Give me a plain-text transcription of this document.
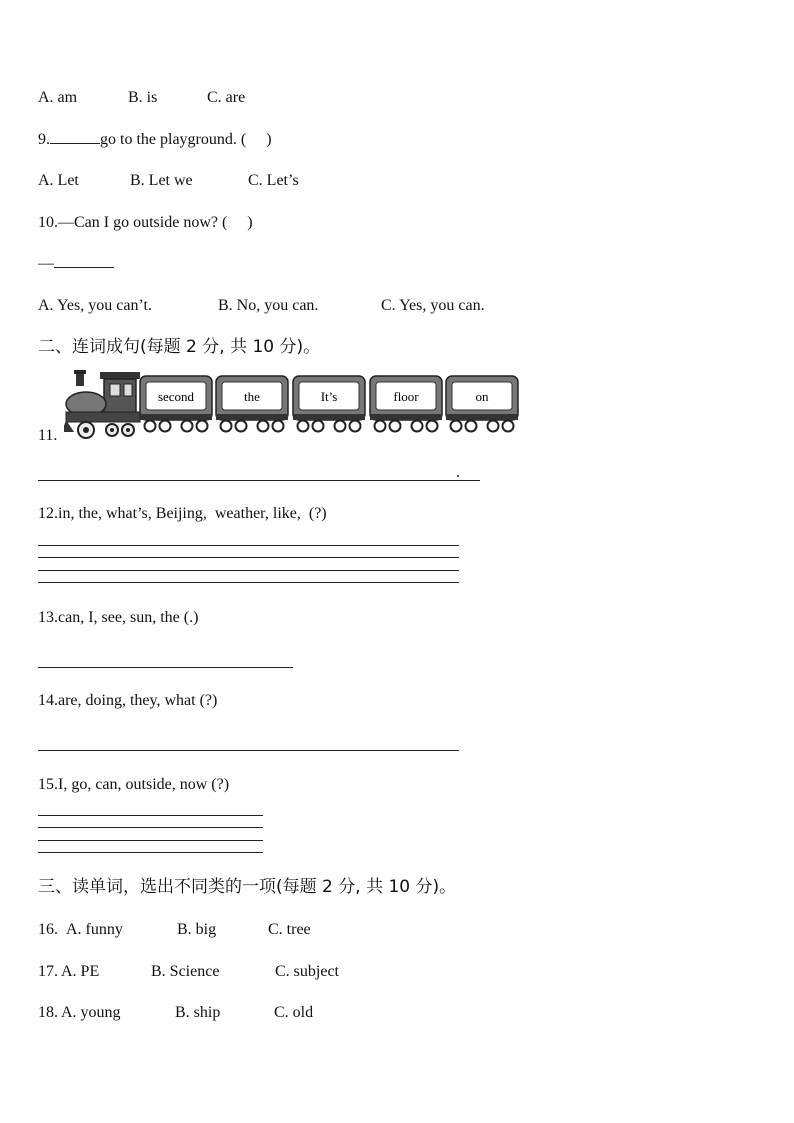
A. am	B. is	C. are
9.	go to the playground. (     )
A. Let	B. Let we	C. Let’s
10.—Can I go outside now? (     )
—
A. Yes, you can’t.	B. No, you can.	C. Yes, you can.
二、连词成句(每题 2 分, 共 10 分)。
11.
second	the	It’s	floor	on
.
12.in, the, what’s, Beijing,  weather, like,  (?)
13.can, I, see, sun, the (.)
14.are, doing, they, what (?)
15.I, go, can, outside, now (?)
三、读单词，选出不同类的一项(每题 2 分, 共 10 分)。
16. A. funny	B. big	C. tree
17. A. PE	B. Science	C. subject
18. A. young	B. ship	C. old
